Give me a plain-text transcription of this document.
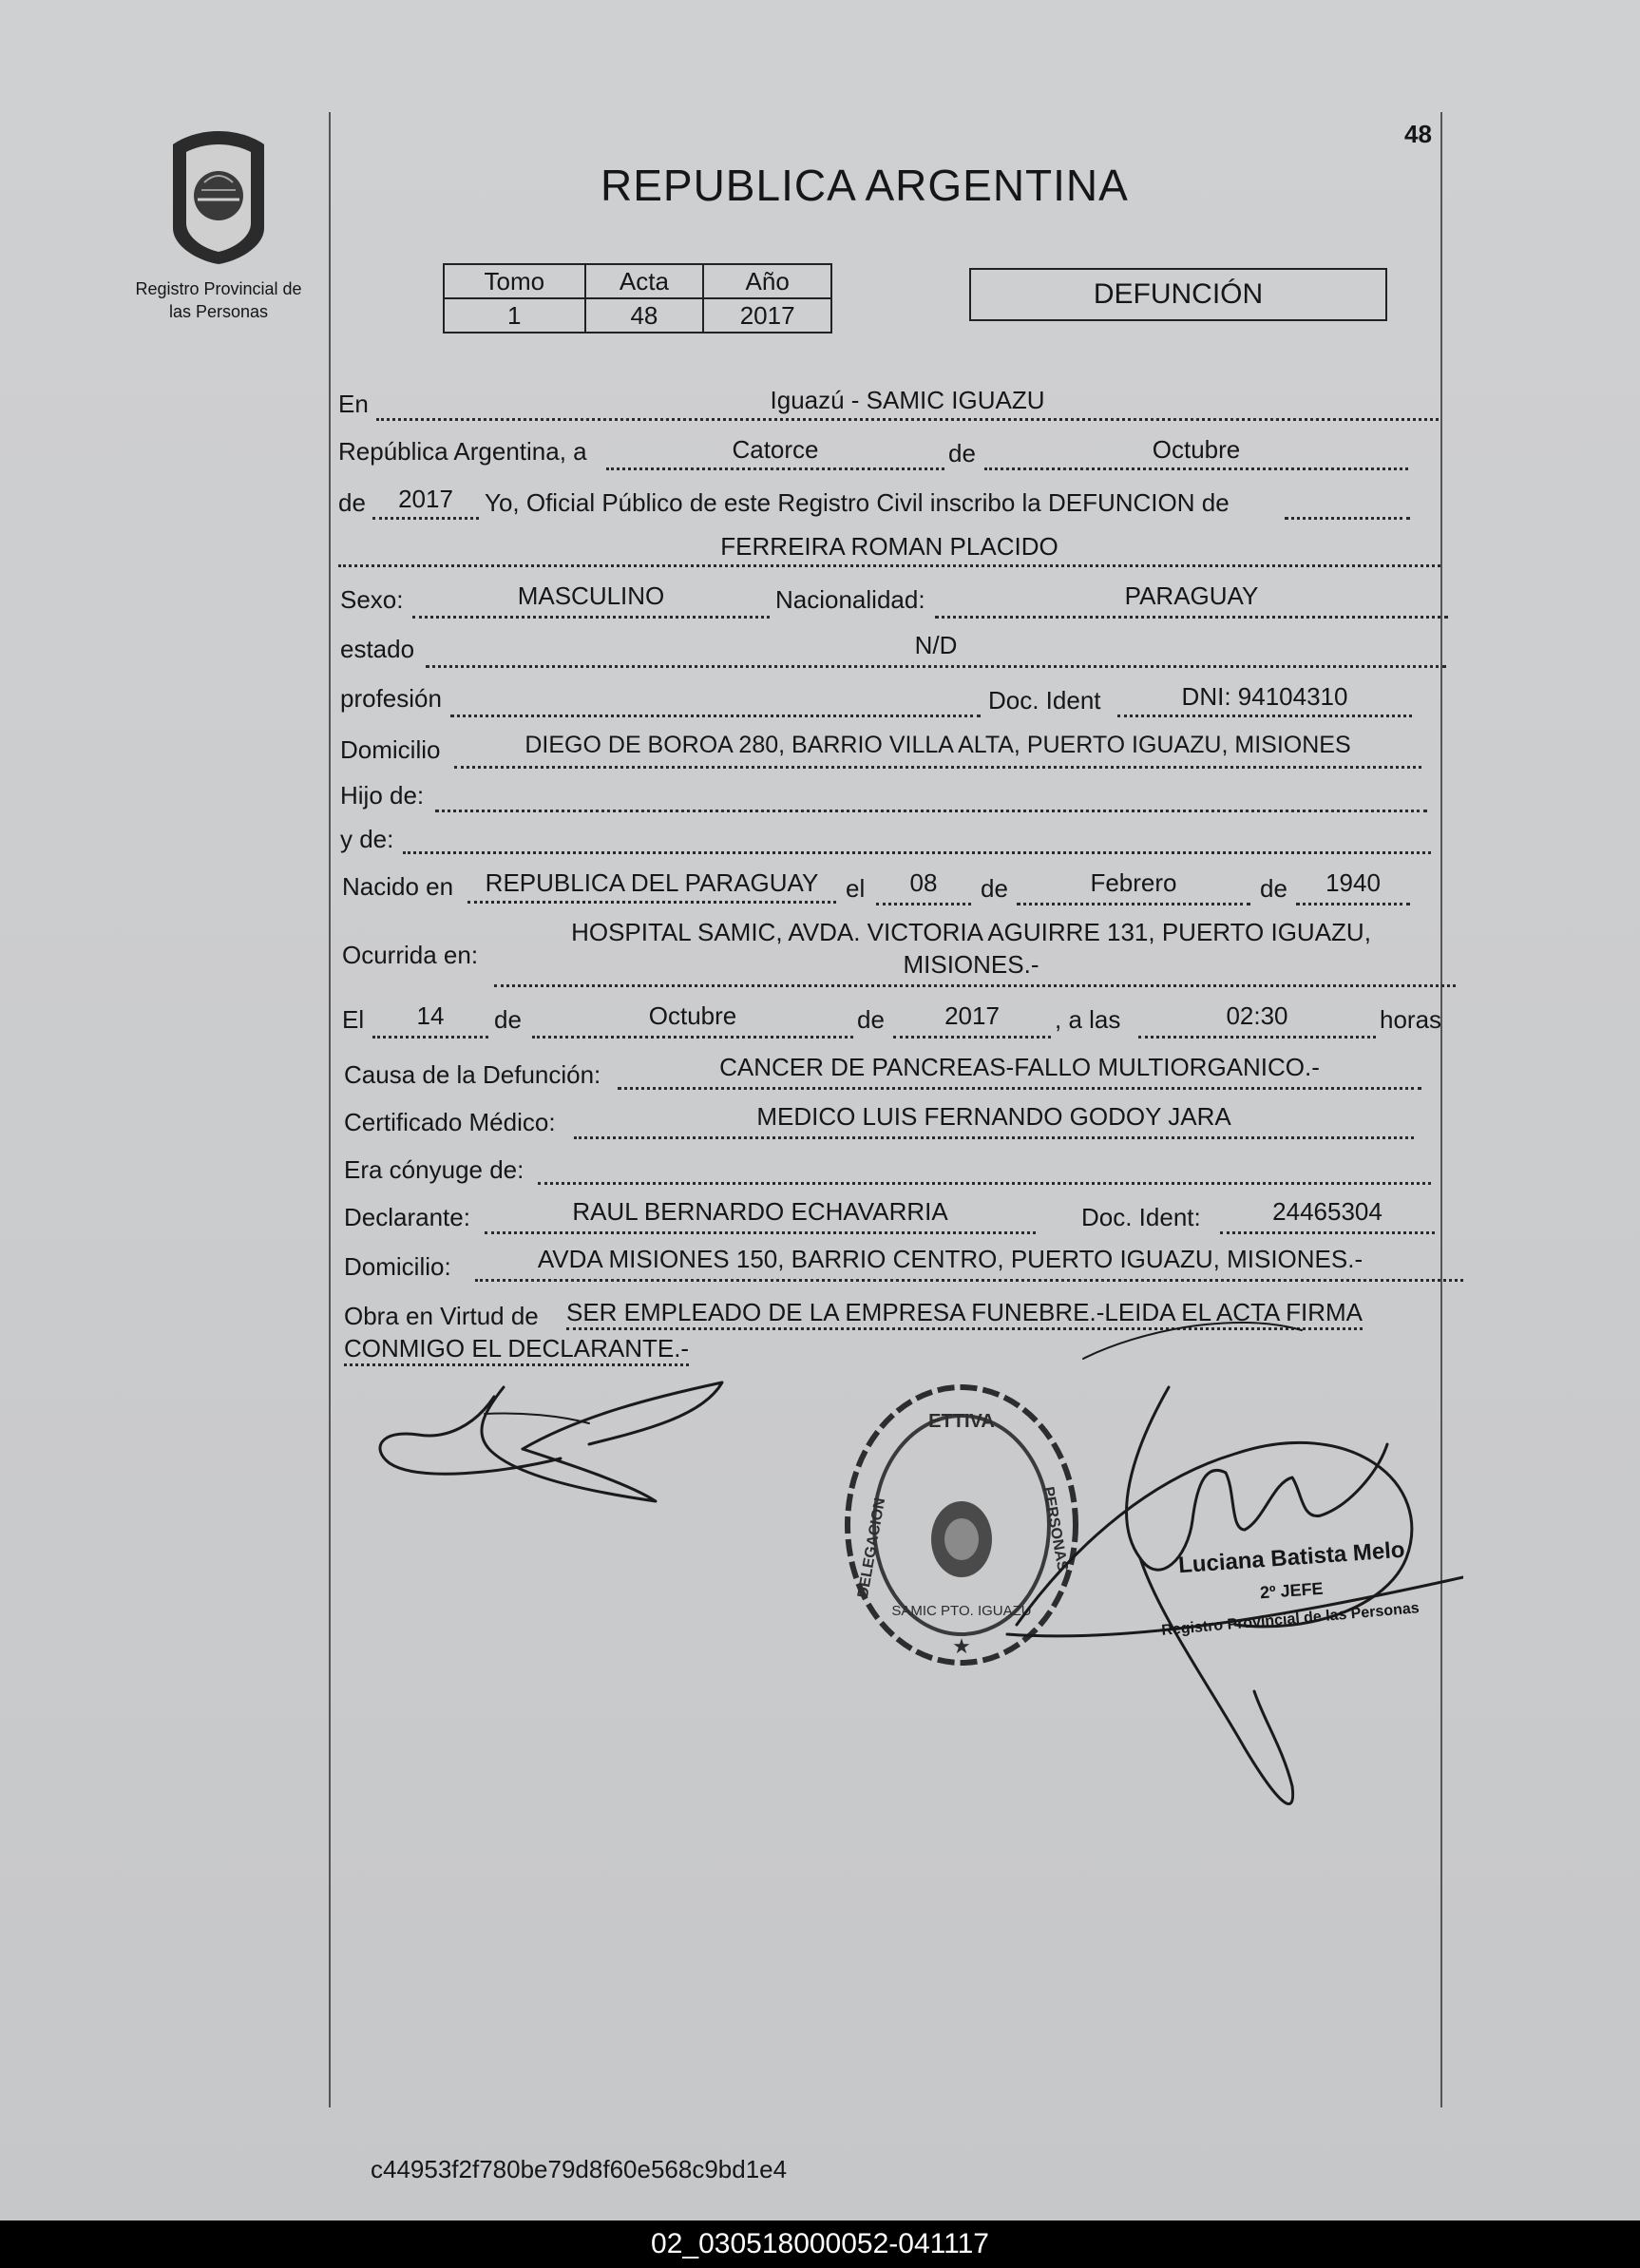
48
Registro Provincial de
las Personas
REPUBLICA ARGENTINA
Tomo	Acta	Año
1	48	2017
DEFUNCIÓN
En	Iguazú - SAMIC IGUAZU
República Argentina, a	Catorce	de	Octubre
de	2017	Yo, Oficial Público de este Registro Civil inscribo la DEFUNCION de
FERREIRA ROMAN PLACIDO
Sexo:	MASCULINO	Nacionalidad:	PARAGUAY
estado	N/D
profesión	Doc. Ident	DNI: 94104310
Domicilio	DIEGO DE BOROA 280, BARRIO VILLA ALTA, PUERTO IGUAZU, MISIONES
Hijo de:
y de:
Nacido en	REPUBLICA DEL PARAGUAY	el	08	de	Febrero	de	1940
Ocurrida en:
HOSPITAL SAMIC, AVDA. VICTORIA AGUIRRE 131, PUERTO IGUAZU,
MISIONES.-
El	14	de	Octubre	de	2017	, a las	02:30	horas
Causa de la Defunción:	CANCER DE PANCREAS-FALLO MULTIORGANICO.-
Certificado Médico:	MEDICO LUIS FERNANDO GODOY JARA
Era cónyuge de:
Declarante:	RAUL BERNARDO ECHAVARRIA	Doc. Ident:	24465304
Domicilio:	AVDA MISIONES 150, BARRIO CENTRO, PUERTO IGUAZU, MISIONES.-
Obra en Virtud de SER EMPLEADO DE LA EMPRESA FUNEBRE.-LEIDA EL ACTA FIRMA
CONMIGO EL DECLARANTE.-
ETTIVA
DELEGACION	PERSONAS
SAMIC PTO. IGUAZU
★
Luciana Batista Melo
2º JEFE
Registro Provincial de las Personas
c44953f2f780be79d8f60e568c9bd1e4
02_030518000052-041117
